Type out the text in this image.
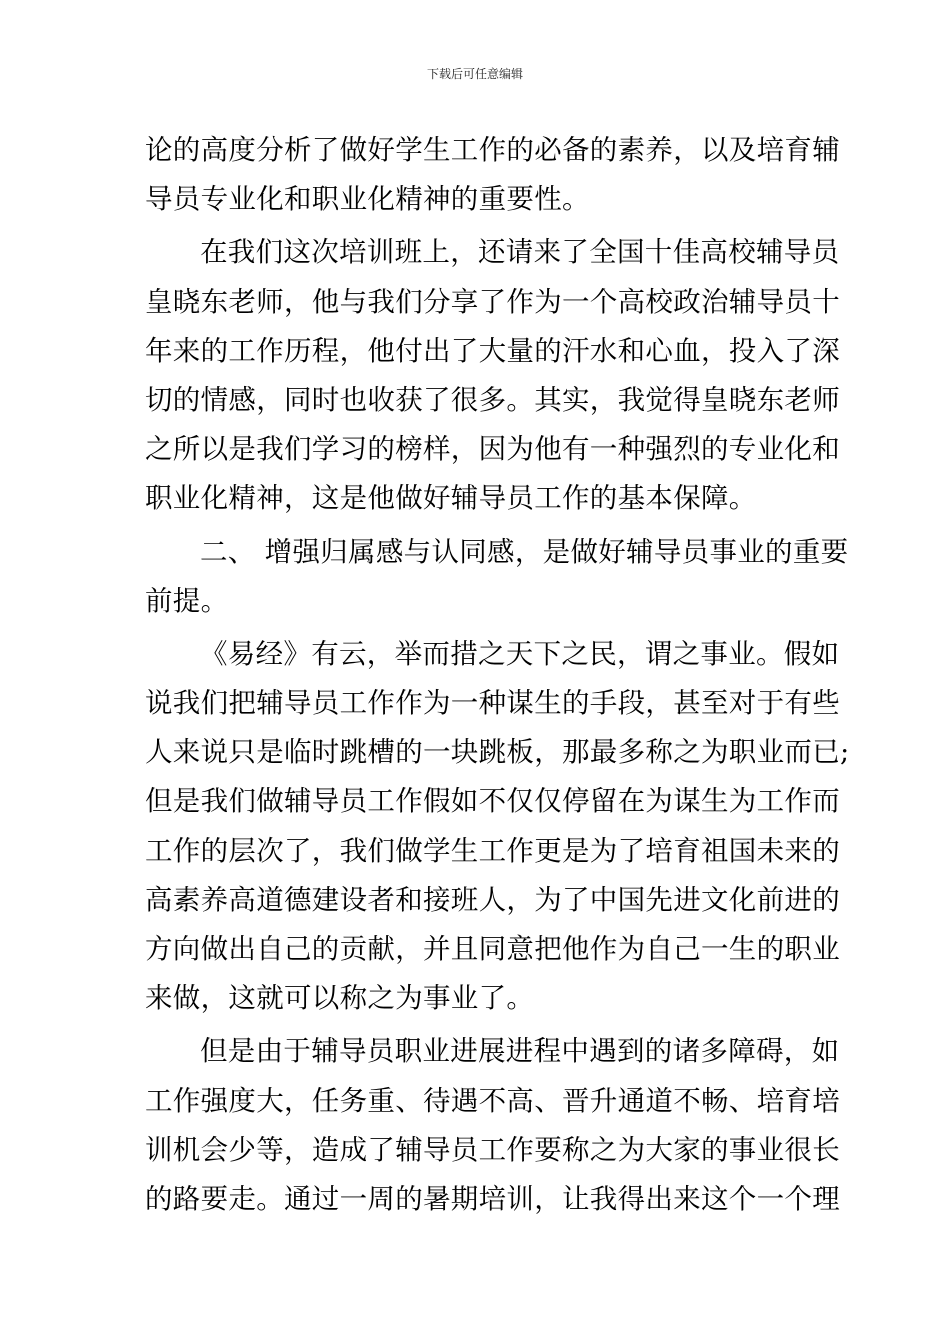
下载后可任意编辑
论的高度分析了做好学生工作的必备的素养，以及培育辅
导员专业化和职业化精神的重要性。
在我们这次培训班上，还请来了全国十佳高校辅导员
皇晓东老师，他与我们分享了作为一个高校政治辅导员十
年来的工作历程，他付出了大量的汗水和心血，投入了深
切的情感，同时也收获了很多。其实，我觉得皇晓东老师
之所以是我们学习的榜样，因为他有一种强烈的专业化和
职业化精神，这是他做好辅导员工作的基本保障。
二、 增强归属感与认同感，是做好辅导员事业的重要
前提。
《易经》有云，举而措之天下之民，谓之事业。假如
说我们把辅导员工作作为一种谋生的手段，甚至对于有些
人来说只是临时跳槽的一块跳板，那最多称之为职业而已;
但是我们做辅导员工作假如不仅仅停留在为谋生为工作而
工作的层次了，我们做学生工作更是为了培育祖国未来的
高素养高道德建设者和接班人，为了中国先进文化前进的
方向做出自己的贡献，并且同意把他作为自己一生的职业
来做，这就可以称之为事业了。
但是由于辅导员职业进展进程中遇到的诸多障碍，如
工作强度大，任务重、待遇不高、晋升通道不畅、培育培
训机会少等，造成了辅导员工作要称之为大家的事业很长
的路要走。通过一周的暑期培训，让我得出来这个一个理
